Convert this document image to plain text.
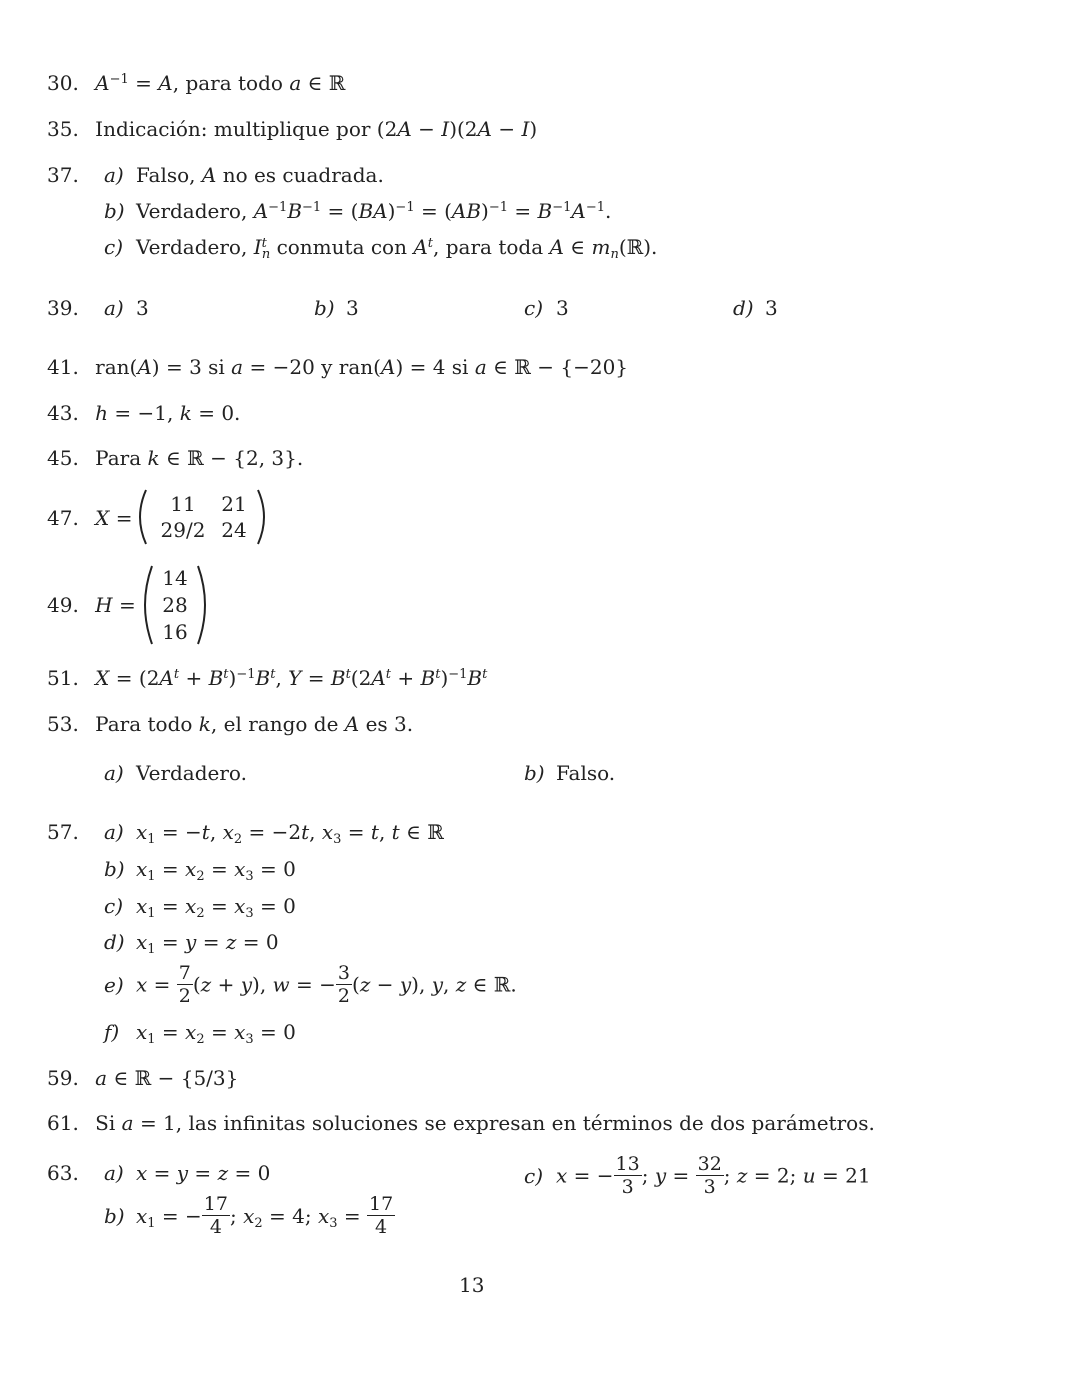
30. $A^{-1} = A$, para todo a ∈ ℝ
35. Indicación: multiplique por (2A − I)(2A − I)
37. a) Falso, A no es cuadrada.
b) Verdadero, $A^{-1}B^{-1} = (BA)^{-1} = (AB)^{-1} = B^{-1}A^{-1}$.
c) Verdadero, $I^t_n$ conmuta con $A^t$, para toda A ∈ $m_n(ℝ)$.
39. a) 3	b) 3	c) 3	d) 3
41. ran(A) = 3 si a = −20 y ran(A) = 4 si a ∈ ℝ − {−20}
43. h = −1, k = 0.
45. Para k ∈ ℝ − {2, 3}.
47. X =
11 21
29/2 24
49. H =
14
28
16
51. $X = (2A^t + B^t)^{-1}B^t$, $Y = B^t(2A^t + B^t)^{-1}B^t$
53. Para todo k, el rango de A es 3.
a) Verdadero.	b) Falso.
57. a) $x_1 = -t$, $x_2 = -2t$, $x_3 = t$, t ∈ ℝ
b) $x_1 = x_2 = x_3 = 0$
c) $x_1 = x_2 = x_3 = 0$
d) $x_1 = y = z = 0$
e) $x = \frac{7}{2} (z + y)$, w = − $\frac{3}{2} (z - y)$, y, z ∈ ℝ.
f) $x_1 = x_2 = x_3 = 0$
59. a ∈ ℝ − {5/3}
61. Si a = 1, las infinitas soluciones se expresan en términos de dos parámetros.
63. a) x = y = z = 0
b) $x_1$ = − $\frac{17}{4}$ ; $x_2 = 4$; $x_3 = \frac{17}{4}$
c) x = − $\frac{13}{3}$ ; $y = \frac{32}{3}$ ; z = 2; u = 21
13
